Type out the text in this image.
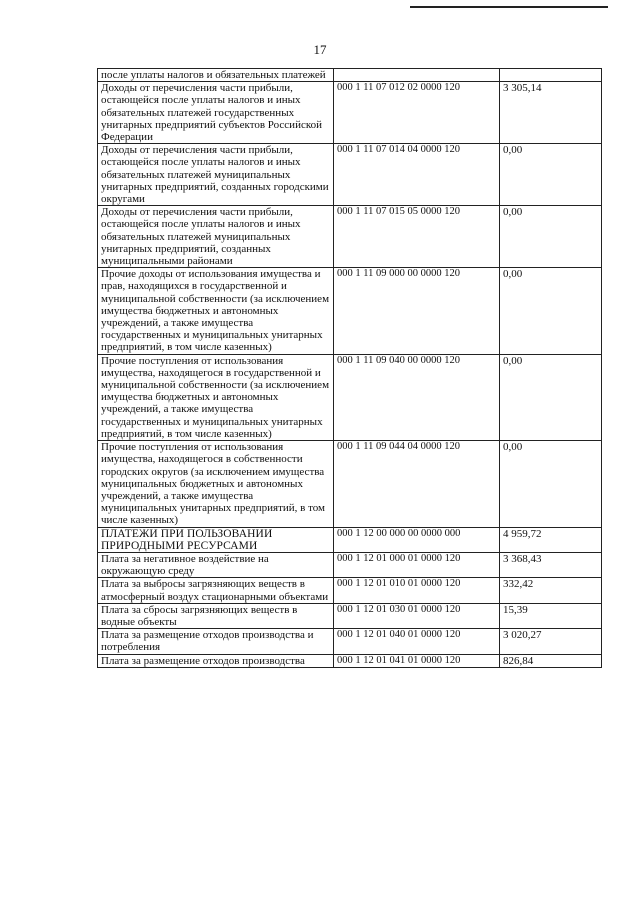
17
после уплаты налогов и обязательных платежей		
Доходы от перечисления части прибыли, остающейся после уплаты налогов и иных обязательных платежей государственных унитарных предприятий субъектов Российской Федерации	000 1 11 07 012 02 0000 120	3 305,14
Доходы от перечисления части прибыли, остающейся после уплаты налогов и иных обязательных платежей муниципальных унитарных предприятий, созданных городскими округами	000 1 11 07 014 04 0000 120	0,00
Доходы от перечисления части прибыли, остающейся после уплаты налогов и иных обязательных платежей муниципальных унитарных предприятий, созданных муниципальными районами	000 1 11 07 015 05 0000 120	0,00
Прочие доходы от использования имущества и прав, находящихся в государственной и муниципальной собственности (за исключением имущества бюджетных и автономных учреждений, а также имущества государственных и муниципальных унитарных предприятий, в том числе казенных)	000 1 11 09 000 00 0000 120	0,00
Прочие поступления от использования имущества, находящегося в государственной и муниципальной собственности (за исключением имущества бюджетных и автономных учреждений, а также имущества государственных и муниципальных унитарных предприятий, в том числе казенных)	000 1 11 09 040 00 0000 120	0,00
Прочие поступления от использования имущества, находящегося в собственности городских округов (за исключением имущества муниципальных бюджетных и автономных учреждений, а также имущества муниципальных унитарных предприятий, в том числе казенных)	000 1 11 09 044 04 0000 120	0,00
ПЛАТЕЖИ ПРИ ПОЛЬЗОВАНИИ ПРИРОДНЫМИ РЕСУРСАМИ	000 1 12 00 000 00 0000 000	4 959,72
Плата за негативное воздействие на окружающую среду	000 1 12 01 000 01 0000 120	3 368,43
Плата за выбросы загрязняющих веществ в атмосферный воздух стационарными объектами	000 1 12 01 010 01 0000 120	332,42
Плата за сбросы загрязняющих веществ в водные объекты	000 1 12 01 030 01 0000 120	15,39
Плата за размещение отходов производства и потребления	000 1 12 01 040 01 0000 120	3 020,27
Плата за размещение отходов производства	000 1 12 01 041 01 0000 120	826,84
